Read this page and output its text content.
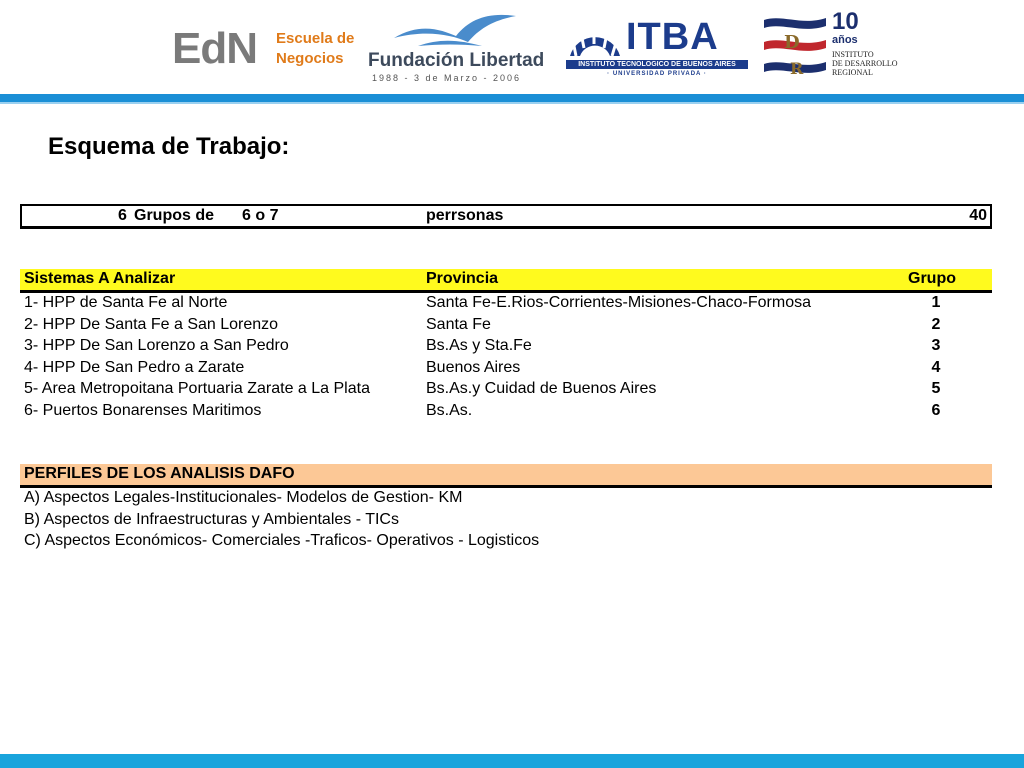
EdN Escuela de
Negocios Fundación Libertad
1988 - 3 de Marzo - 2006
ITBA
INSTITUTO TECNOLOGICO DE BUENOS AIRES
· UNIVERSIDAD PRIVADA ·
D
R
10
años
INSTITUTO
DE DESARROLLO
REGIONAL
Esquema de Trabajo:
6 Grupos de 6 o 7	perrsonas	40
Sistemas A Analizar	Provincia	Grupo
1- HPP de Santa Fe al Norte	Santa Fe-E.Rios-Corrientes-Misiones-Chaco-Formosa	1
2- HPP De Santa Fe a San Lorenzo	Santa Fe	2
3- HPP De San Lorenzo a San Pedro	Bs.As y Sta.Fe	3
4- HPP De San Pedro a Zarate	Buenos Aires	4
5- Area Metropoitana Portuaria Zarate a La Plata	Bs.As.y Cuidad de Buenos Aires	5
6- Puertos Bonarenses Maritimos	Bs.As.	6
PERFILES DE LOS ANALISIS DAFO
A) Aspectos Legales-Institucionales- Modelos de Gestion- KM
B) Aspectos de Infraestructuras y Ambientales - TICs
C) Aspectos Económicos- Comerciales -Traficos- Operativos - Logisticos
